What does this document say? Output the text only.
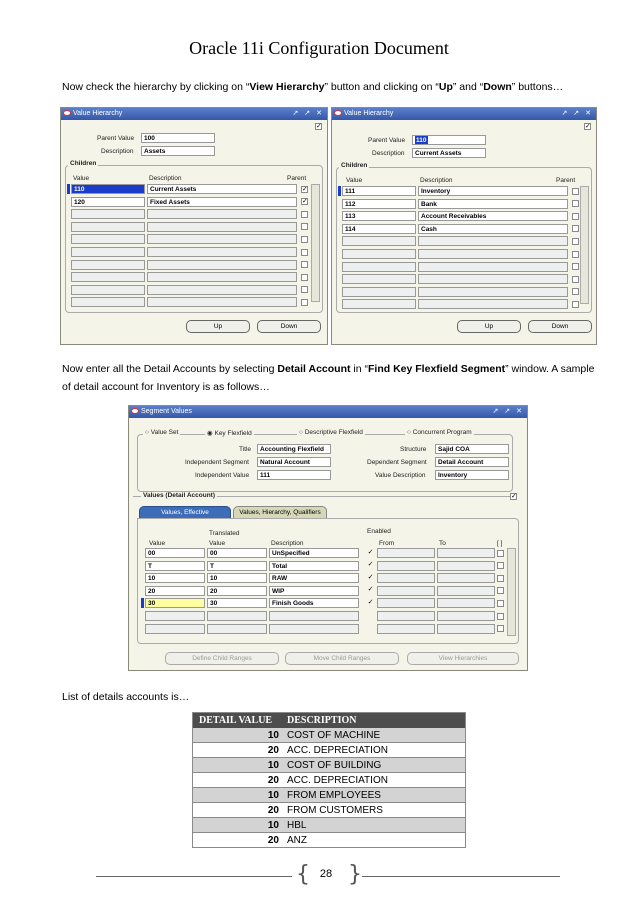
Oracle 11i Configuration Document
Now check the hierarchy by clicking on “View Hierarchy” button and clicking on “Up” and “Down” buttons…
Value Hierarchy	↗ ↗ ✕
✓
Parent Value	100
Description	Assets
Children
Value	Description	Parent
110	Current Assets	✓
120	Fixed Assets	✓
Up	Down
Value Hierarchy	↗ ↗ ✕
✓
Parent Value	110
Description	Current Assets
Children
Value	Description	Parent
111	Inventory
112	Bank
113	Account Receivables
114	Cash
Up	Down
Now enter all the Detail Accounts by selecting Detail Account in “Find Key Flexfield Segment” window. A sample
of detail account for Inventory is as follows…
Segment Values	↗ ↗ ✕
○ Value Set	◉ Key Flexfield	○ Descriptive Flexfield	○ Concurrent Program
Title	Accounting Flexfield	Structure	Sajid COA
Independent Segment	Natural Account	Dependent Segment	Detail Account
Independent Value	111	Value Description	Inventory
Values (Detail Account)	✓
Values, Effective	Values, Hierarchy, Qualifiers
Translated	Enabled
Value	Value	Description	From	To	[ ]
00	00	UnSpecified	✓
T	T	Total	✓
10	10	RAW	✓
20	20	WIP	✓
30	30	Finish Goods	✓
Define Child Ranges	Move Child Ranges	View Hierarchies
List of details accounts is…
DETAIL VALUE	DESCRIPTION
10	COST OF MACHINE
20	ACC. DEPRECIATION
10	COST OF BUILDING
20	ACC. DEPRECIATION
10	FROM EMPLOYEES
20	FROM CUSTOMERS
10	HBL
20	ANZ
{ 28 }
